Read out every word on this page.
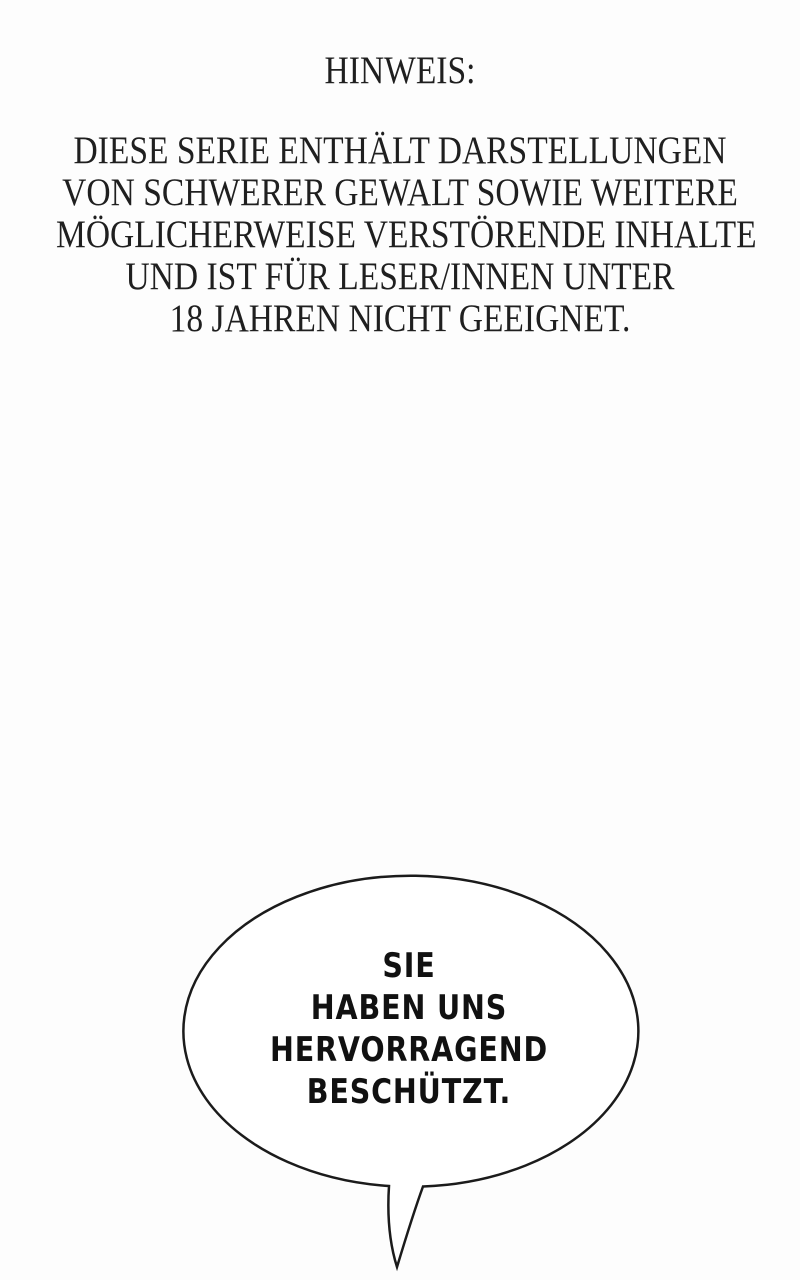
HINWEIS:
DIESE SERIE ENTHÄLT DARSTELLUNGEN
VON SCHWERER GEWALT SOWIE WEITERE
MÖGLICHERWEISE VERSTÖRENDE INHALTE
UND IST FÜR LESER/INNEN UNTER
18 JAHREN NICHT GEEIGNET.
SIE
HABEN UNS
HERVORRAGEND
BESCHÜTZT.
